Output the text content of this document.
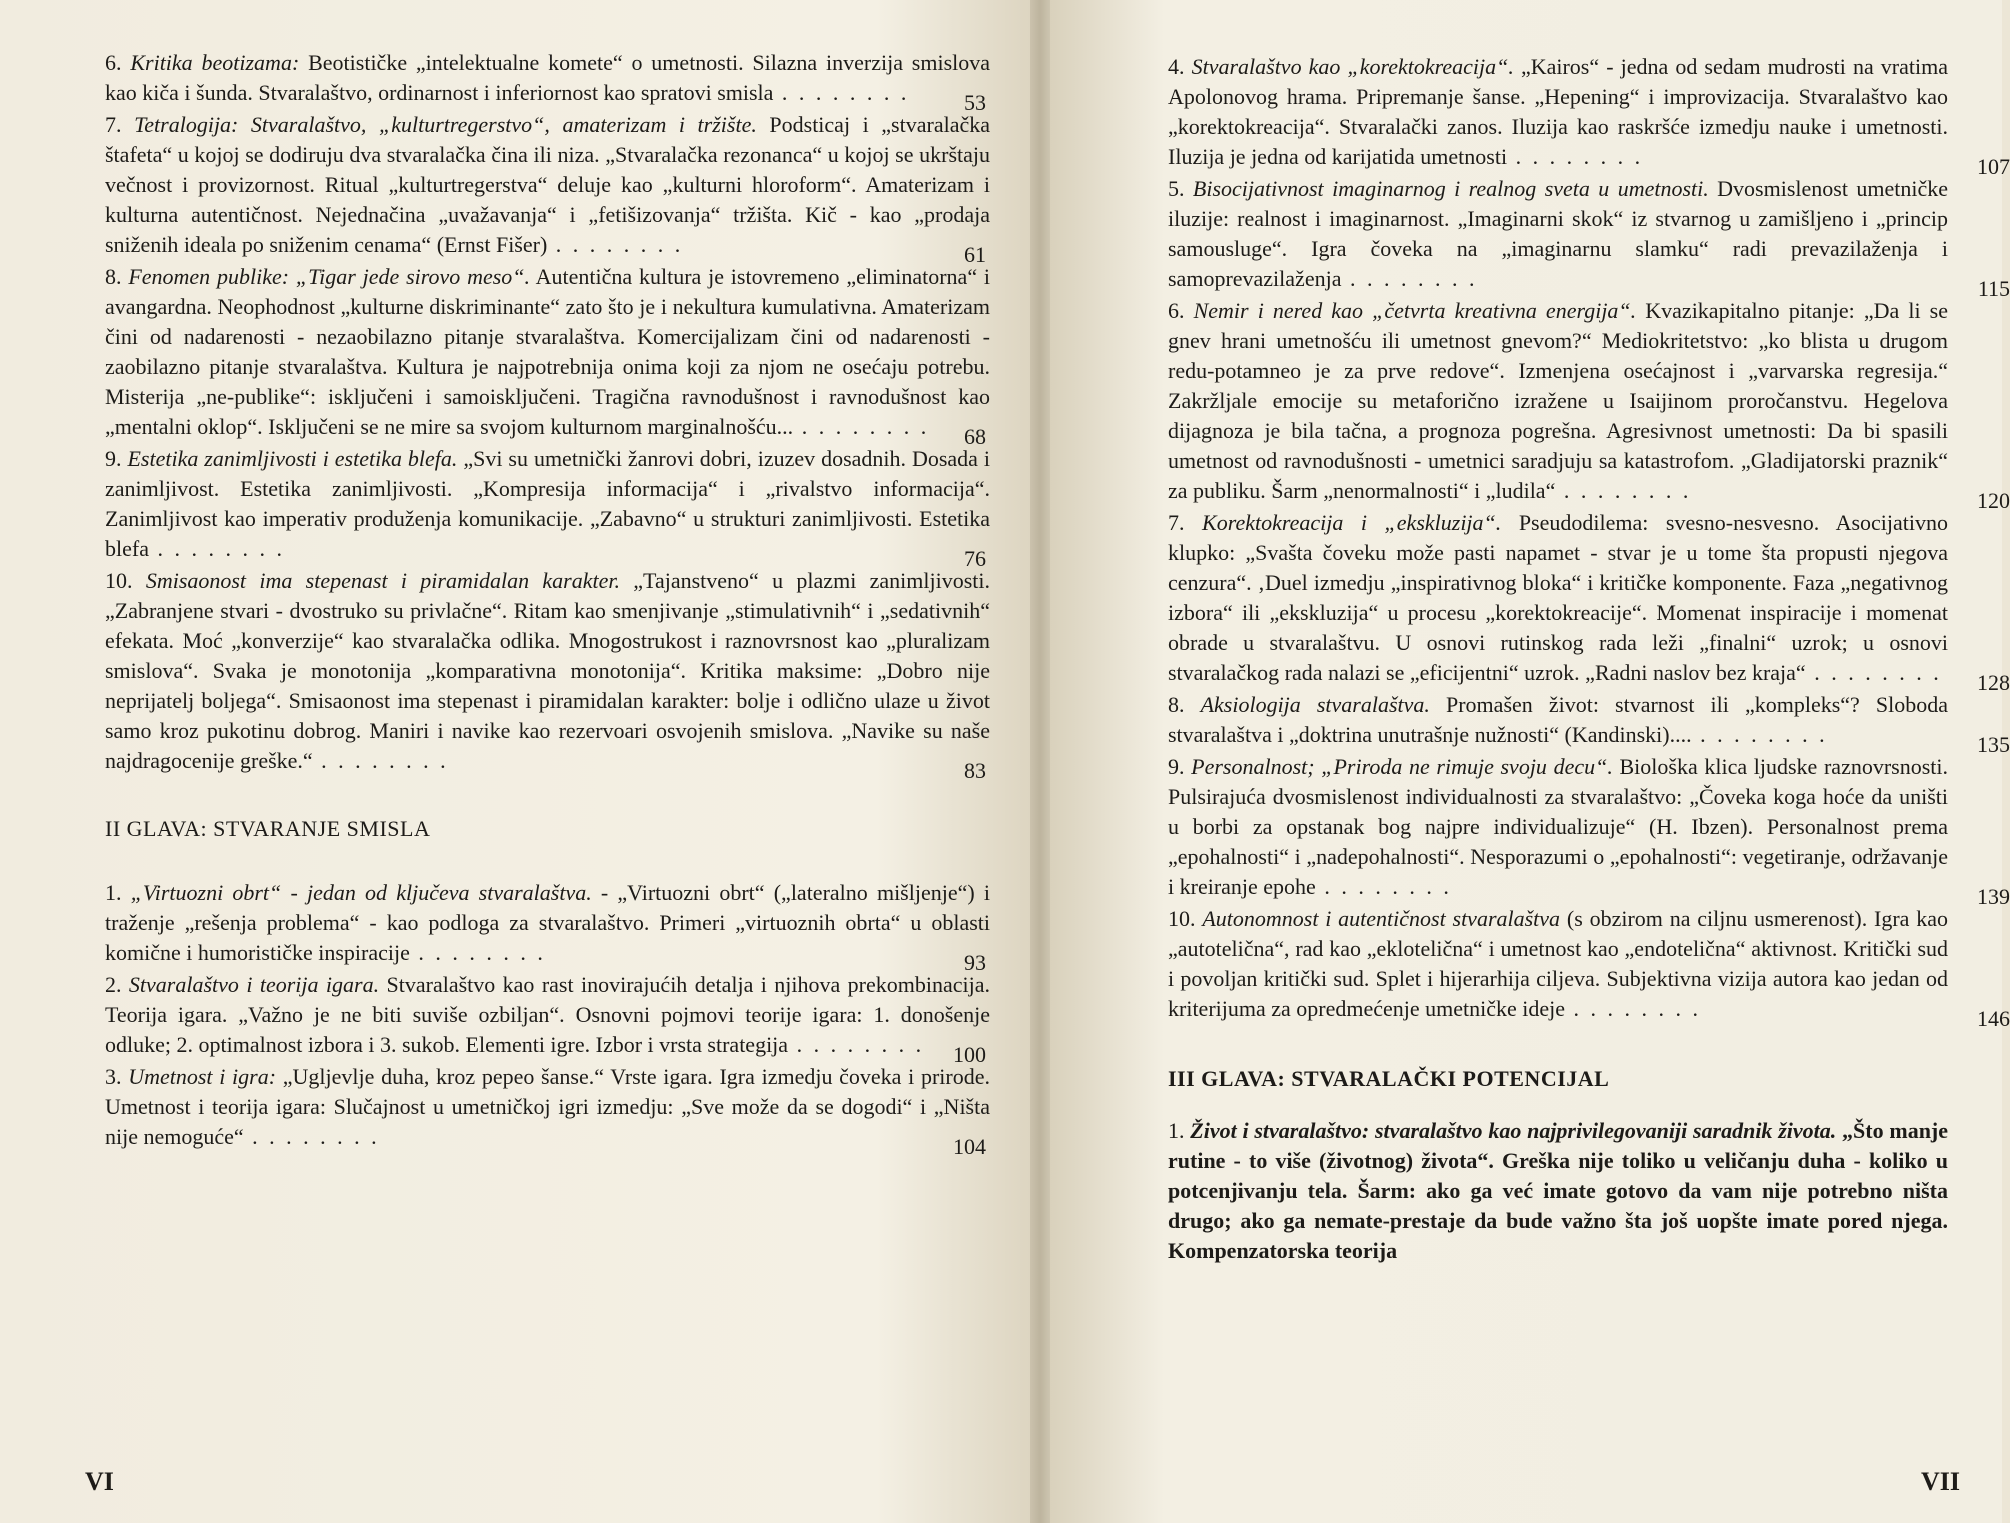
6. Kritika beotizama: Beotističke „intelektualne komete“ o umetnosti. Silazna inverzija smislova kao kiča i šunda. Stvaralaštvo, ordinarnost i inferiornost kao spratovi smisla . . . . . . . . 53
7. Tetralogija: Stvaralaštvo, „kulturtregerstvo“, amaterizam i tržište. Podsticaj i „stvaralačka štafeta“ u kojoj se dodiruju dva stvaralačka čina ili niza. „Stvaralačka rezonanca“ u kojoj se ukrštaju večnost i provizornost. Ritual „kulturtregerstva“ deluje kao „kulturni hloroform“. Amaterizam i kulturna autentičnost. Nejednačina „uvažavanja“ i „fetišizovanja“ tržišta. Kič - kao „prodaja sniženih ideala po sniženim cenama“ (Ernst Fišer) . . . . . . . .	61
8. Fenomen publike: „Tigar jede sirovo meso“. Autentična kultura je istovremeno „eliminatorna“ i avangardna. Neophodnost „kulturne diskriminante“ zato što je i nekultura kumulativna. Amaterizam čini od nadarenosti - nezaobilazno pitanje stvaralaštva. Komercijalizam čini od nadarenosti - zaobilazno pitanje stvaralaštva. Kultura je najpotrebnija onima koji za njom ne osećaju potrebu. Misterija „ne-publike“: isključeni i samoisključeni. Tragična ravnodušnost i ravnodušnost kao „mentalni oklop“. Isključeni se ne mire sa svojom kulturnom marginalnošću... . . . . . . . . 68
9. Estetika zanimljivosti i estetika blefa. „Svi su umetnički žanrovi dobri, izuzev dosadnih. Dosada i zanimljivost. Estetika zanimljivosti. „Kompresija informacija“ i „rivalstvo informacija“. Zanimljivost kao imperativ produženja komunikacije. „Zabavno“ u strukturi zanimljivosti. Estetika blefa . . . . . . . .	76
10. Smisaonost ima stepenast i piramidalan karakter. „Tajanstveno“ u plazmi zanimljivosti. „Zabranjene stvari - dvostruko su privlačne“. Ritam kao smenjivanje „stimulativnih“ i „sedativnih“ efekata. Moć „konverzije“ kao stvaralačka odlika. Mnogostrukost i raznovrsnost kao „pluralizam smislova“. Svaka je monotonija „komparativna monotonija“. Kritika maksime: „Dobro nije neprijatelj boljega“. Smisaonost ima stepenast i piramidalan karakter: bolje i odlično ulaze u život samo kroz pukotinu dobrog. Maniri i navike kao rezervoari osvojenih smislova. „Navike su naše najdragocenije greške.“ . . . . . . . .	83
II GLAVA: STVARANJE SMISLA
1. „Virtuozni obrt“ - jedan od ključeva stvaralaštva. - „Virtuozni obrt“ („lateralno mišljenje“) i traženje „rešenja problema“ - kao podloga za stvaralaštvo. Primeri „virtuoznih obrta“ u oblasti komične i humorističke inspiracije . . . . . . . .	93
2. Stvaralaštvo i teorija igara. Stvaralaštvo kao rast inovirajućih detalja i njihova prekombinacija. Teorija igara. „Važno je ne biti suviše ozbiljan“. Osnovni pojmovi teorije igara: 1. donošenje odluke; 2. optimalnost izbora i 3. sukob. Elementi igre. Izbor i vrsta strategija . . . . . . . . 100
3. Umetnost i igra: „Ugljevlje duha, kroz pepeo šanse.“ Vrste igara. Igra izmedju čoveka i prirode. Umetnost i teorija igara: Slučajnost u umetničkoj igri izmedju: „Sve može da se dogodi“ i „Ništa nije nemoguće“ . . . . . . . .	104
VI
4. Stvaralaštvo kao „korektokreacija“. „Kairos“ - jedna od sedam mudrosti na vratima Apolonovog hrama. Pripremanje šanse. „Hepening“ i improvizacija. Stvaralaštvo kao „korektokreacija“. Stvaralački zanos. Iluzija kao raskršće izmedju nauke i umetnosti. Iluzija je jedna od karijatida umetnosti . . . . . . . .	107
5. Bisocijativnost imaginarnog i realnog sveta u umetnosti. Dvosmislenost umetničke iluzije: realnost i imaginarnost. „Imaginarni skok“ iz stvarnog u zamišljeno i „princip samousluge“. Igra čoveka na „imaginarnu slamku“ radi prevazilaženja i samoprevazilaženja . . . . . . . .	115
6. Nemir i nered kao „četvrta kreativna energija“. Kvazikapitalno pitanje: „Da li se gnev hrani umetnošću ili umetnost gnevom?“ Mediokritetstvo: „ko blista u drugom redu-potamneo je za prve redove“. Izmenjena osećajnost i „varvarska regresija.“ Zakržljale emocije su metaforično izražene u Isaijinom proročanstvu. Hegelova dijagnoza je bila tačna, a prognoza pogrešna. Agresivnost umetnosti: Da bi spasili umetnost od ravnodušnosti - umetnici saradjuju sa katastrofom. „Gladijatorski praznik“ za publiku. Šarm „nenormalnosti“ i „ludila“ . . . . . . . .	120
7. Korektokreacija i „ekskluzija“. Pseudodilema: svesno-nesvesno. Asocijativno klupko: „Svašta čoveku može pasti napamet - stvar je u tome šta propusti njegova cenzura“. ‚Duel izmedju „inspirativnog bloka“ i kritičke komponente. Faza „negativnog izbora“ ili „ekskluzija“ u procesu „korektokreacije“. Momenat inspiracije i momenat obrade u stvaralaštvu. U osnovi rutinskog rada leži „finalni“ uzrok; u osnovi stvaralačkog rada nalazi se „eficijentni“ uzrok. „Radni naslov bez kraja“ . . . . . . . . 128
8. Aksiologija stvaralaštva. Promašen život: stvarnost ili „kompleks“? Sloboda stvaralaštva i „doktrina unutrašnje nužnosti“ (Kandinski).... . . . . . . . .	135
9. Personalnost; „Priroda ne rimuje svoju decu“. Biološka klica ljudske raznovrsnosti. Pulsirajuća dvosmislenost individualnosti za stvaralaštvo: „Čoveka koga hoće da uništi u borbi za opstanak bog najpre individualizuje“ (H. Ibzen). Personalnost prema „epohalnosti“ i „nadepohalnosti“. Nesporazumi o „epohalnosti“: vegetiranje, održavanje i kreiranje epohe . . . . . . . .	139
10. Autonomnost i autentičnost stvaralaštva (s obzirom na ciljnu usmerenost). Igra kao „autotelična“, rad kao „eklotelična“ i umetnost kao „endotelična“ aktivnost. Kritički sud i povoljan kritički sud. Splet i hijerarhija ciljeva. Subjektivna vizija autora kao jedan od kriterijuma za opredmećenje umetničke ideje . . . . . . . .	146
III GLAVA: STVARALAČKI POTENCIJAL
1. Život i stvaralaštvo: stvaralaštvo kao najprivilegovaniji saradnik života. „Što manje rutine - to više (životnog) života“. Greška nije toliko u veličanju duha - koliko u potcenjivanju tela. Šarm: ako ga već imate gotovo da vam nije potrebno ništa drugo; ako ga nemate-prestaje da bude važno šta još uopšte imate pored njega. Kompenzatorska teorija
VII
